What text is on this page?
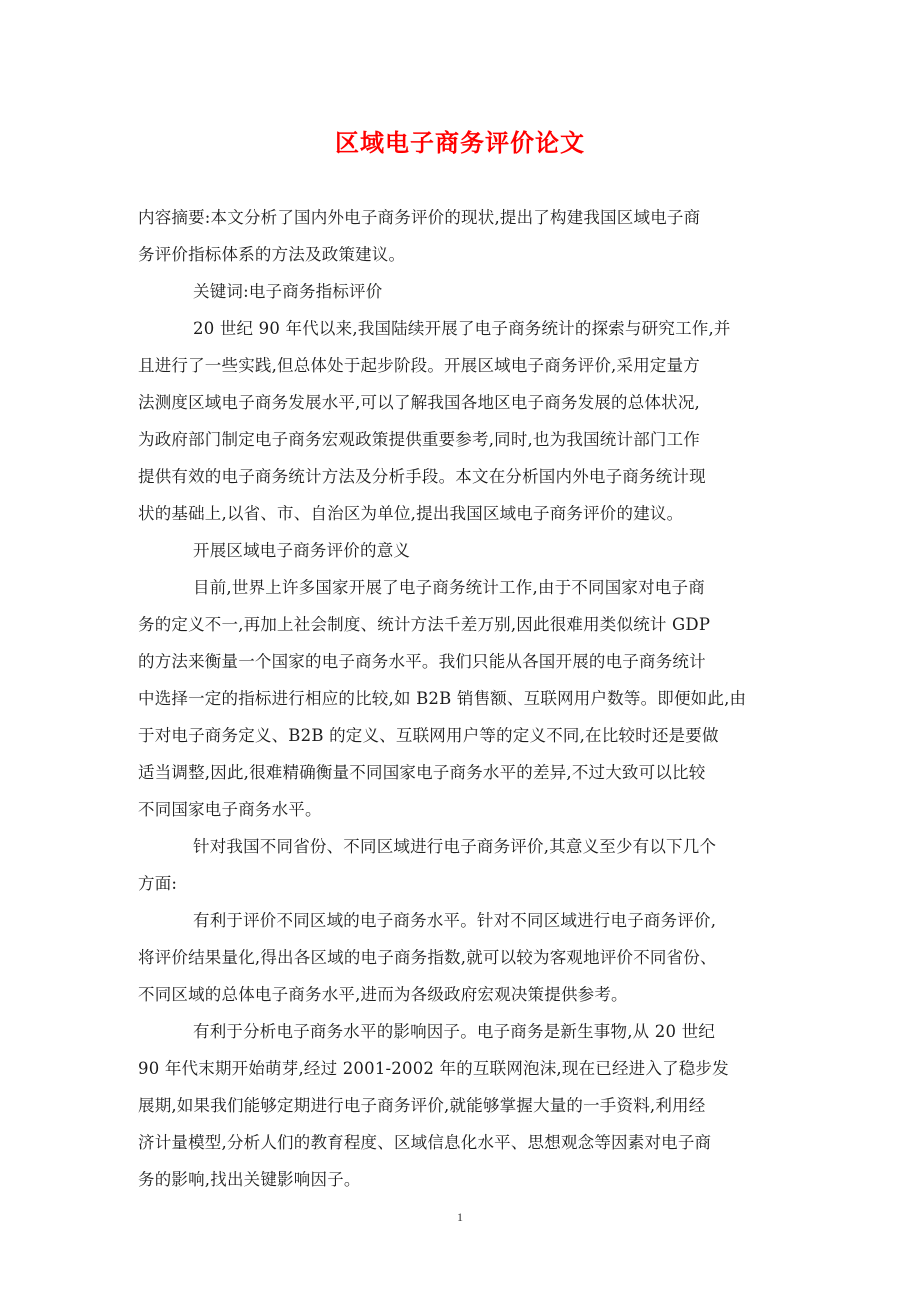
区域电子商务评价论文
内容摘要:本文分析了国内外电子商务评价的现状,提出了构建我国区域电子商
务评价指标体系的方法及政策建议。
关键词:电子商务指标评价
20 世纪 90 年代以来,我国陆续开展了电子商务统计的探索与研究工作,并
且进行了一些实践,但总体处于起步阶段。开展区域电子商务评价,采用定量方
法测度区域电子商务发展水平,可以了解我国各地区电子商务发展的总体状况,
为政府部门制定电子商务宏观政策提供重要参考,同时,也为我国统计部门工作
提供有效的电子商务统计方法及分析手段。本文在分析国内外电子商务统计现
状的基础上,以省、市、自治区为单位,提出我国区域电子商务评价的建议。
开展区域电子商务评价的意义
目前,世界上许多国家开展了电子商务统计工作,由于不同国家对电子商
务的定义不一,再加上社会制度、统计方法千差万别,因此很难用类似统计 GDP
的方法来衡量一个国家的电子商务水平。我们只能从各国开展的电子商务统计
中选择一定的指标进行相应的比较,如 B2B 销售额、互联网用户数等。即便如此,由
于对电子商务定义、B2B 的定义、互联网用户等的定义不同,在比较时还是要做
适当调整,因此,很难精确衡量不同国家电子商务水平的差异,不过大致可以比较
不同国家电子商务水平。
针对我国不同省份、不同区域进行电子商务评价,其意义至少有以下几个
方面:
有利于评价不同区域的电子商务水平。针对不同区域进行电子商务评价,
将评价结果量化,得出各区域的电子商务指数,就可以较为客观地评价不同省份、
不同区域的总体电子商务水平,进而为各级政府宏观决策提供参考。
有利于分析电子商务水平的影响因子。电子商务是新生事物,从 20 世纪
90 年代末期开始萌芽,经过 2001-2002 年的互联网泡沫,现在已经进入了稳步发
展期,如果我们能够定期进行电子商务评价,就能够掌握大量的一手资料,利用经
济计量模型,分析人们的教育程度、区域信息化水平、思想观念等因素对电子商
务的影响,找出关键影响因子。
1
